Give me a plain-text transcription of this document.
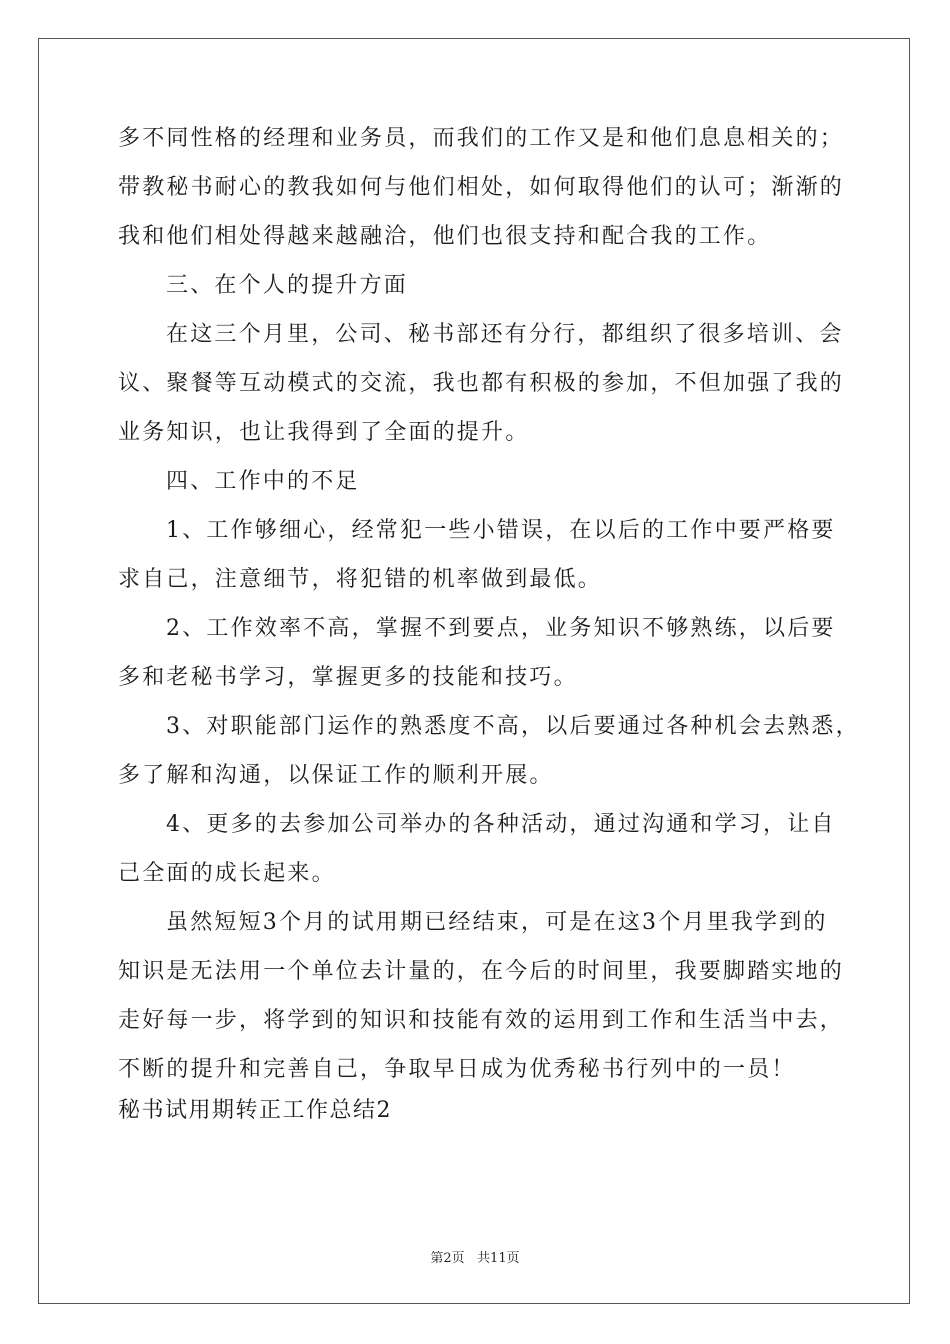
多不同性格的经理和业务员，而我们的工作又是和他们息息相关的；
带教秘书耐心的教我如何与他们相处，如何取得他们的认可；渐渐的
我和他们相处得越来越融洽，他们也很支持和配合我的工作。
三、在个人的提升方面
在这三个月里，公司、秘书部还有分行，都组织了很多培训、会
议、聚餐等互动模式的交流，我也都有积极的参加，不但加强了我的
业务知识，也让我得到了全面的提升。
四、工作中的不足
1、工作够细心，经常犯一些小错误，在以后的工作中要严格要
求自己，注意细节，将犯错的机率做到最低。
2、工作效率不高，掌握不到要点，业务知识不够熟练，以后要
多和老秘书学习，掌握更多的技能和技巧。
3、对职能部门运作的熟悉度不高，以后要通过各种机会去熟悉，
多了解和沟通，以保证工作的顺利开展。
4、更多的去参加公司举办的各种活动，通过沟通和学习，让自
己全面的成长起来。
虽然短短3个月的试用期已经结束，可是在这3个月里我学到的
知识是无法用一个单位去计量的，在今后的时间里，我要脚踏实地的
走好每一步，将学到的知识和技能有效的运用到工作和生活当中去，
不断的提升和完善自己，争取早日成为优秀秘书行列中的一员！
秘书试用期转正工作总结2
第2页   共11页
